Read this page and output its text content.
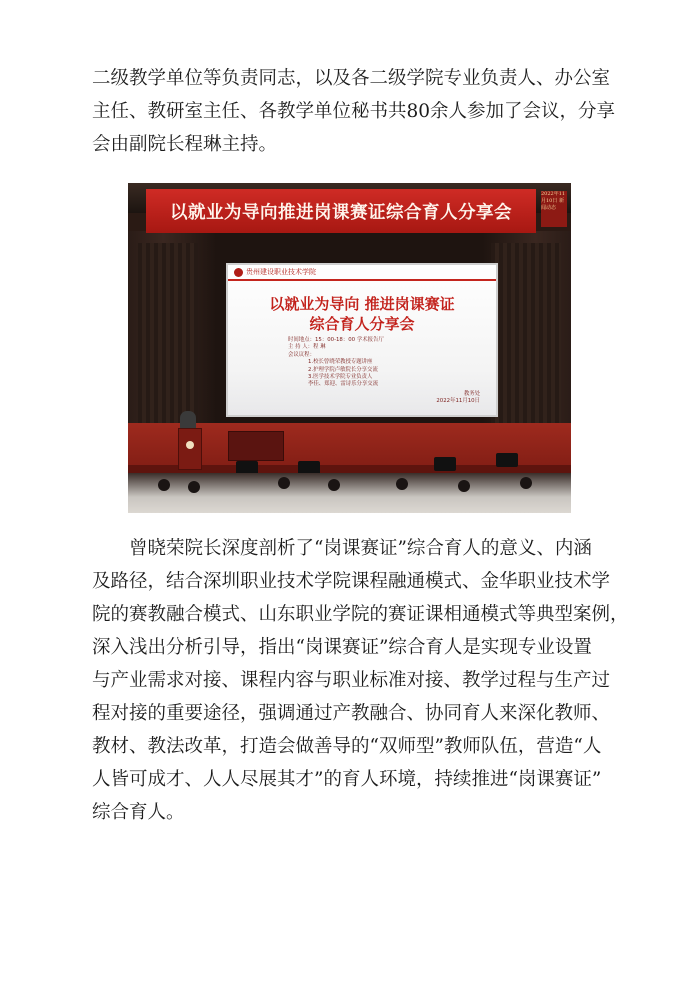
二级教学单位等负责同志，以及各二级学院专业负责人、办公室
主任、教研室主任、各教学单位秘书共80余人参加了会议，分享
会由副院长程琳主持。
以就业为导向推进岗课赛证综合育人分享会
2022年11月10日 新闻动态
贵州建设职业技术学院
以就业为导向 推进岗课赛证
综合育人分享会
时间地点：15：00-18：00 学术报告厅
主 持 人：程 琳
会议议程：
1.校长曾晓荣教授专题讲座
2.护理学院卢敏院长分享交流
3.医学技术学院专业负责人
李佳、郑迎、雷诗乐分享交流
教务处
2022年11月10日
　　曾晓荣院长深度剖析了“岗课赛证”综合育人的意义、内涵
及路径，结合深圳职业技术学院课程融通模式、金华职业技术学
院的赛教融合模式、山东职业学院的赛证课相通模式等典型案例，
深入浅出分析引导，指出“岗课赛证”综合育人是实现专业设置
与产业需求对接、课程内容与职业标准对接、教学过程与生产过
程对接的重要途径，强调通过产教融合、协同育人来深化教师、
教材、教法改革，打造会做善导的“双师型”教师队伍，营造“人
人皆可成才、人人尽展其才”的育人环境，持续推进“岗课赛证”
综合育人。
